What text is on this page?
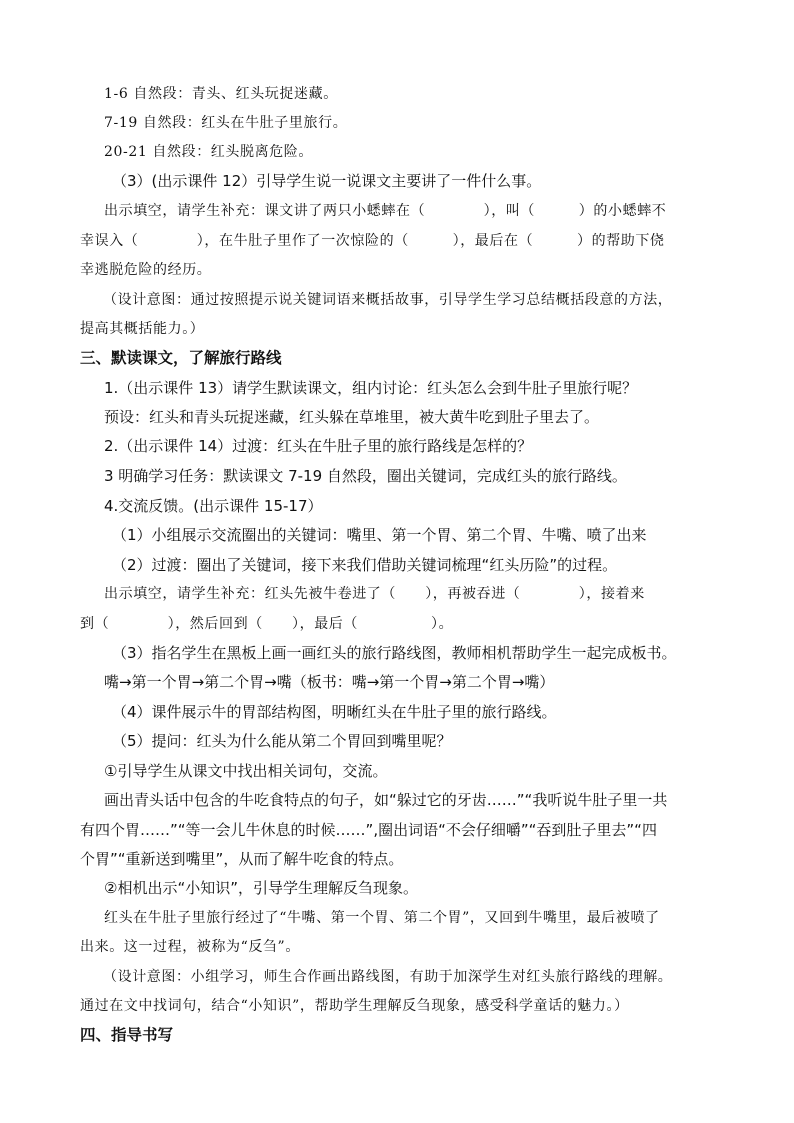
1-6 自然段：青头、红头玩捉迷藏。
7-19 自然段：红头在牛肚子里旅行。
20-21 自然段：红头脱离危险。
（3）(出示课件 12）引导学生说一说课文主要讲了一件什么事。
出示填空，请学生补充：课文讲了两只小蟋蟀在（　　　　），叫（　　　）的小蟋蟀不
幸误入（　　　　），在牛肚子里作了一次惊险的（　　　），最后在（　　　）的帮助下侥
幸逃脱危险的经历。
（设计意图：通过按照提示说关键词语来概括故事，引导学生学习总结概括段意的方法，
提高其概括能力。）
三、默读课文，了解旅行路线
1.（出示课件 13）请学生默读课文，组内讨论：红头怎么会到牛肚子里旅行呢？
预设：红头和青头玩捉迷藏，红头躲在草堆里，被大黄牛吃到肚子里去了。
2.（出示课件 14）过渡：红头在牛肚子里的旅行路线是怎样的？
3 明确学习任务：默读课文 7-19 自然段，圈出关键词，完成红头的旅行路线。
4.交流反馈。(出示课件 15-17）
（1）小组展示交流圈出的关键词：嘴里、第一个胃、第二个胃、牛嘴、喷了出来
（2）过渡：圈出了关键词，接下来我们借助关键词梳理“红头历险”的过程。
出示填空，请学生补充：红头先被牛卷进了（　　），再被吞进（　　　　），接着来
到（　　　　），然后回到（　　），最后（　　　　　）。
（3）指名学生在黑板上画一画红头的旅行路线图，教师相机帮助学生一起完成板书。
嘴→第一个胃→第二个胃→嘴（板书：嘴→第一个胃→第二个胃→嘴）
（4）课件展示牛的胃部结构图，明晰红头在牛肚子里的旅行路线。
（5）提问：红头为什么能从第二个胃回到嘴里呢？
①引导学生从课文中找出相关词句，交流。
画出青头话中包含的牛吃食特点的句子，如“躲过它的牙齿……”“我听说牛肚子里一共
有四个胃……”“等一会儿牛休息的时候……”,圈出词语“不会仔细嚼”“吞到肚子里去”“四
个胃”“重新送到嘴里”，从而了解牛吃食的特点。
②相机出示“小知识”，引导学生理解反刍现象。
红头在牛肚子里旅行经过了“牛嘴、第一个胃、第二个胃”，又回到牛嘴里，最后被喷了
出来。这一过程，被称为“反刍”。
（设计意图：小组学习，师生合作画出路线图，有助于加深学生对红头旅行路线的理解。
通过在文中找词句，结合“小知识”，帮助学生理解反刍现象，感受科学童话的魅力。）
四、指导书写
